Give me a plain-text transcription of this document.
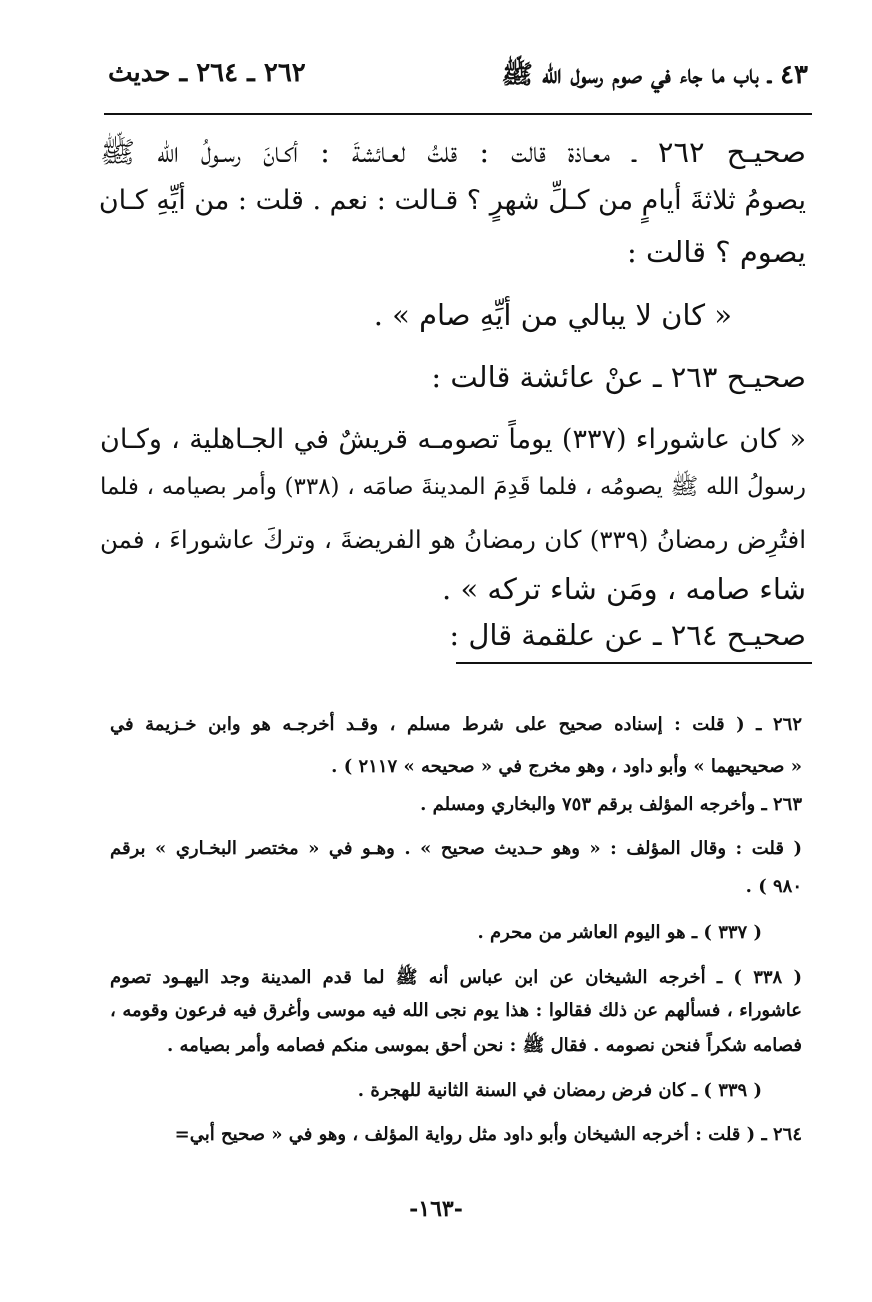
٤٣ ـ باب ما جاء في صوم رسول الله ﷺ
٢٦٢ ـ ٢٦٤ ـ حديث
صحيـح ٢٦٢ ـ معـاذة قالت : قلتُ لعـائشةَ : أكـانَ رسـولُ الله ﷺ
يصومُ ثلاثةَ أيامٍ من كـلِّ شهرٍ ؟ قـالت : نعم . قلت : من أيِّهِ كـان
يصوم ؟ قالت :
« كان لا يبالي من أيِّهِ صام » .
صحيـح ٢٦٣ ـ عنْ عائشة قالت :
« كان عاشوراء (٣٣٧) يوماً تصومـه قريشٌ في الجـاهلية ، وكـان
رسولُ الله ﷺ يصومُه ، فلما قَدِمَ المدينةَ صامَه ، (٣٣٨) وأمر بصيامه ، فلما
افتُرِض رمضانُ (٣٣٩) كان رمضانُ هو الفريضةَ ، وتركَ عاشوراءَ ، فمن
شاء صامه ، ومَن شاء تركه » .
صحيـح ٢٦٤ ـ عن علقمة قال :
٢٦٢ ـ ( قلت : إسناده صحيح على شرط مسلم ، وقـد أخرجـه هو وابن خـزيمة في
« صحيحيهما » وأبو داود ، وهو مخرج في « صحيحه » ٢١١٧ ) .
٢٦٣ ـ وأخرجه المؤلف برقم ٧٥٣ والبخاري ومسلم .
( قلت : وقال المؤلف : « وهو حـديث صحيح » . وهـو في « مختصر البخـاري » برقم
٩٨٠ ) .
( ٣٣٧ ) ـ هو اليوم العاشر من محرم .
( ٣٣٨ ) ـ أخرجه الشيخان عن ابن عباس أنه ﷺ لما قدم المدينة وجد اليهـود تصوم
عاشوراء ، فسألهم عن ذلك فقالوا : هذا يوم نجى الله فيه موسى وأغرق فيه فرعون وقومه ،
فصامه شكراً فنحن نصومه . فقال ﷺ : نحن أحق بموسى منكم فصامه وأمر بصيامه .
( ٣٣٩ ) ـ كان فرض رمضان في السنة الثانية للهجرة .
٢٦٤ ـ ( قلت : أخرجه الشيخان وأبو داود مثل رواية المؤلف ، وهو في « صحيح أبي=
-١٦٣-
